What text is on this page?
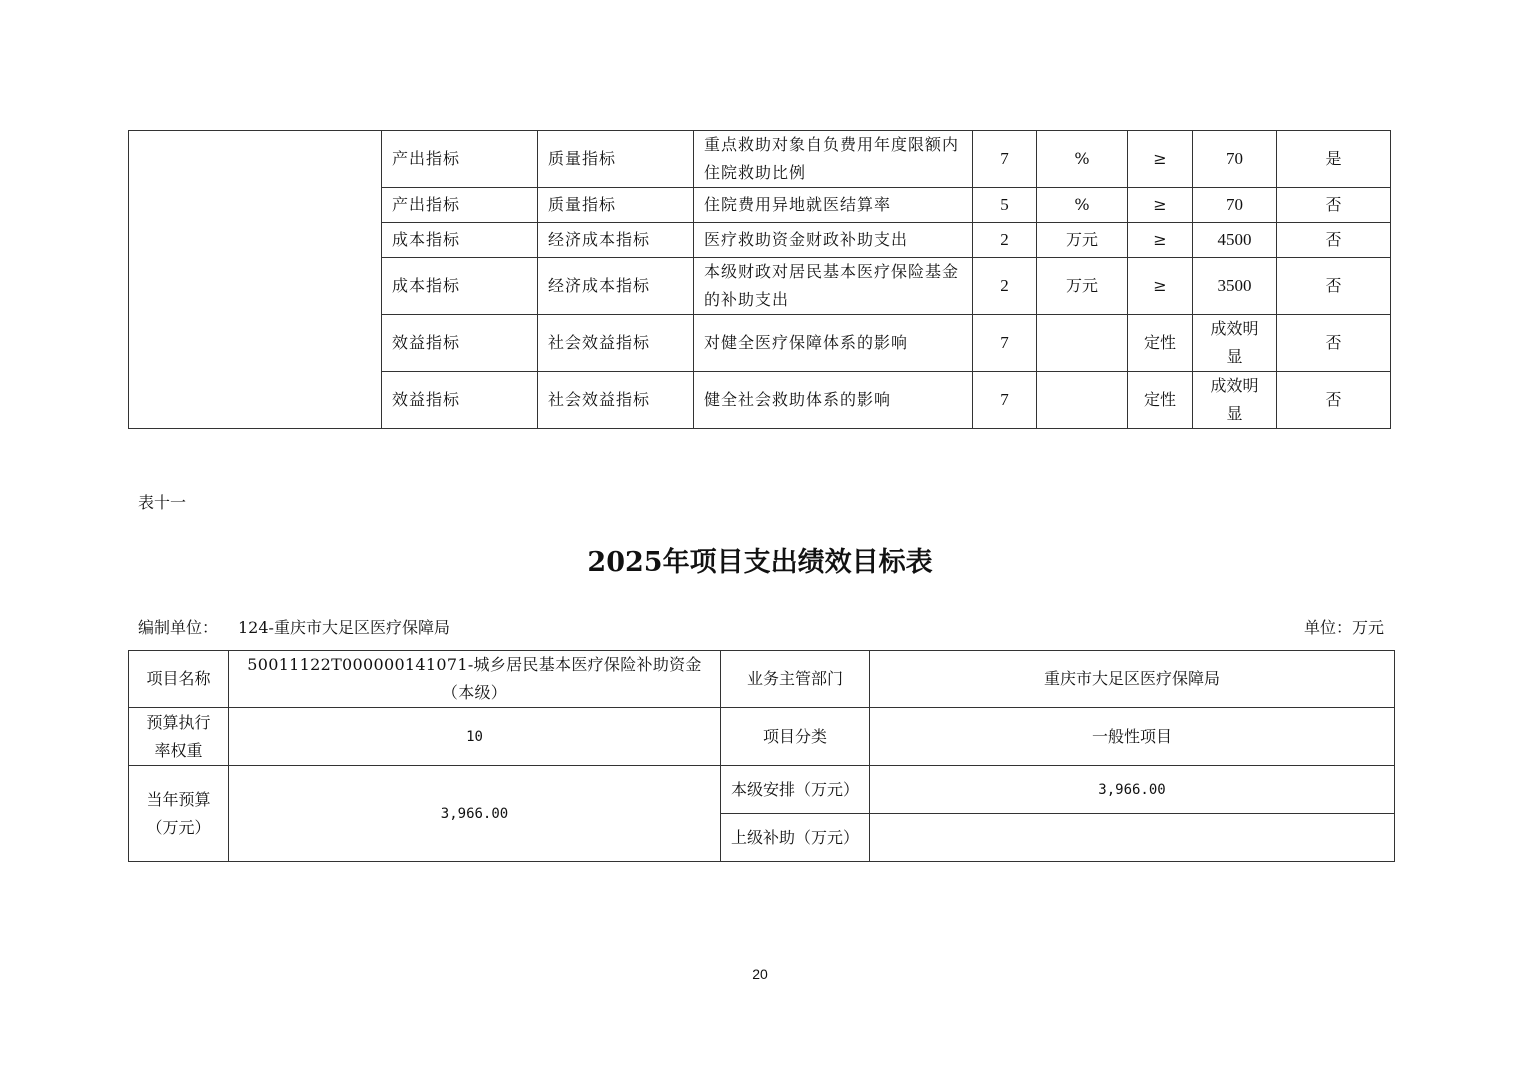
	产出指标	质量指标	重点救助对象自负费用年度限额内住院救助比例	7	%	≥	70	是
	产出指标	质量指标	住院费用异地就医结算率	5	%	≥	70	否
	成本指标	经济成本指标	医疗救助资金财政补助支出	2	万元	≥	4500	否
	成本指标	经济成本指标	本级财政对居民基本医疗保险基金的补助支出	2	万元	≥	3500	否
	效益指标	社会效益指标	对健全医疗保障体系的影响	7		定性	成效明显	否
	效益指标	社会效益指标	健全社会救助体系的影响	7		定性	成效明显	否
表十一
2025年项目支出绩效目标表
编制单位： 124-重庆市大足区医疗保障局	单位：万元
项目名称	50011122T000000141071-城乡居民基本医疗保险补助资金（本级）	业务主管部门	重庆市大足区医疗保障局
预算执行率权重	10	项目分类	一般性项目
当年预算（万元）	3,966.00	本级安排（万元）	3,966.00
		上级补助（万元）	
20
